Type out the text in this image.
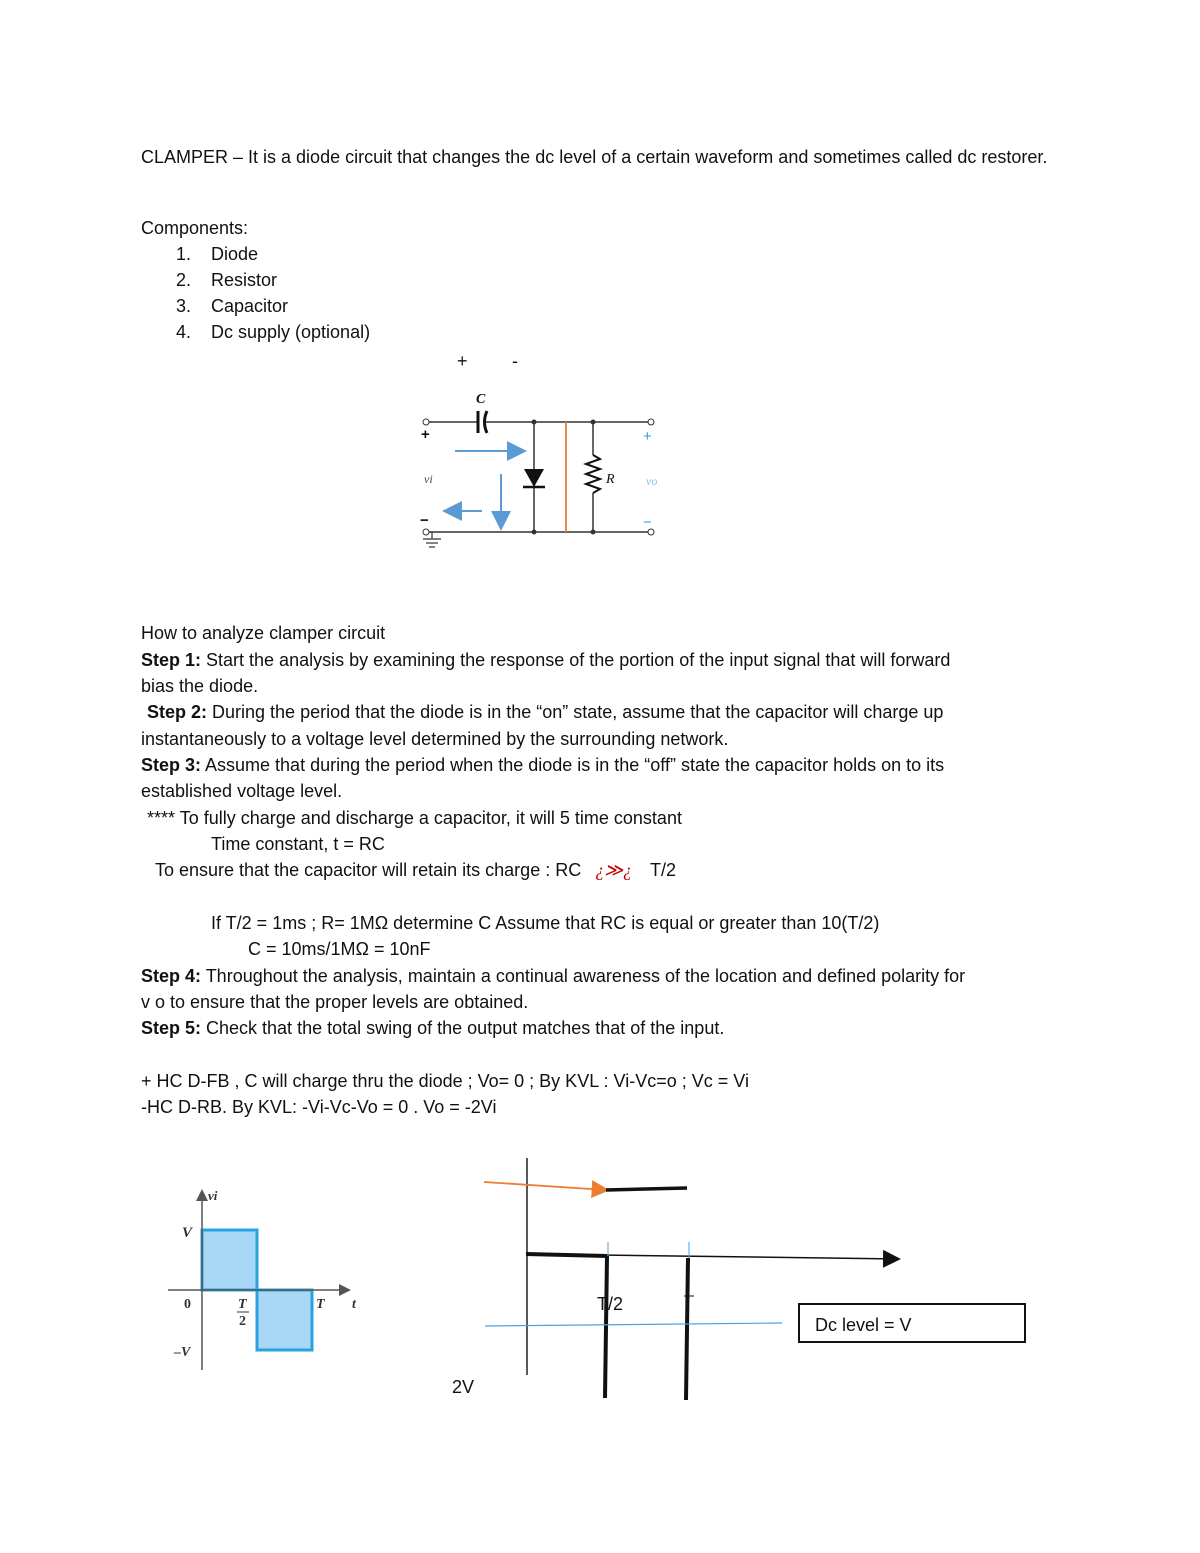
CLAMPER – It is a diode circuit that changes the dc level of a certain waveform and sometimes called dc restorer.
Components:
1.	Diode
2.	Resistor
3.	Capacitor
4.	Dc supply (optional)
+ -
C
+
−
vi	R
+
−
vo
How to analyze clamper circuit
Step 1: Start the analysis by examining the response of the portion of the input signal that will forward
bias the diode.
Step 2: During the period that the diode is in the “on” state, assume that the capacitor will charge up
instantaneously to a voltage level determined by the surrounding network.
Step 3: Assume that during the period when the diode is in the “off” state the capacitor holds on to its
established voltage level.
**** To fully charge and discharge a capacitor, it will 5 time constant
Time constant, t = RC
To ensure that the capacitor will retain its charge : RC ¿≫¿ T/2
If T/2 = 1ms ; R= 1MΩ determine C Assume that RC is equal or greater than 10(T/2)
C = 10ms/1MΩ = 10nF
Step 4: Throughout the analysis, maintain a continual awareness of the location and defined polarity for
v o to ensure that the proper levels are obtained.
Step 5: Check that the total swing of the output matches that of the input.
+ HC D-FB , C will charge thru the diode ; Vo= 0 ; By KVL : Vi-Vc=o ; Vc = Vi
-HC D-RB. By KVL: -Vi-Vc-Vo = 0 . Vo = -2Vi
vi
V
–V
0	T
2
T t	T/2
2V
Dc level = V
